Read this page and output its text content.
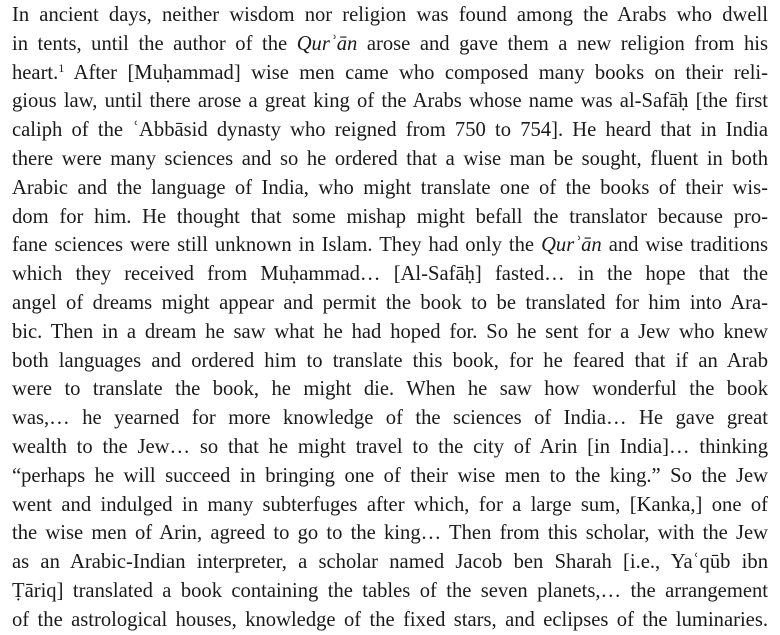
In ancient days, neither wisdom nor religion was found among the Arabs who dwell
in tents, until the author of the Qurʾān arose and gave them a new religion from his
heart.$^1$ After [Muḥammad] wise men came who composed many books on their reli-
gious law, until there arose a great king of the Arabs whose name was al-Safāḥ [the first
caliph of the ʿAbbāsid dynasty who reigned from 750 to 754]. He heard that in India
there were many sciences and so he ordered that a wise man be sought, fluent in both
Arabic and the language of India, who might translate one of the books of their wis-
dom for him. He thought that some mishap might befall the translator because pro-
fane sciences were still unknown in Islam. They had only the Qurʾān and wise traditions
which they received from Muḥammad… [Al-Safāḥ] fasted… in the hope that the
angel of dreams might appear and permit the book to be translated for him into Ara-
bic. Then in a dream he saw what he had hoped for. So he sent for a Jew who knew
both languages and ordered him to translate this book, for he feared that if an Arab
were to translate the book, he might die. When he saw how wonderful the book
was,… he yearned for more knowledge of the sciences of India… He gave great
wealth to the Jew… so that he might travel to the city of Arin [in India]… thinking
“perhaps he will succeed in bringing one of their wise men to the king.” So the Jew
went and indulged in many subterfuges after which, for a large sum, [Kanka,] one of
the wise men of Arin, agreed to go to the king… Then from this scholar, with the Jew
as an Arabic-Indian interpreter, a scholar named Jacob ben Sharah [i.e., Yaʿqūb ibn
Ṭāriq] translated a book containing the tables of the seven planets,… the arrangement
of the astrological houses, knowledge of the fixed stars, and eclipses of the luminaries.
